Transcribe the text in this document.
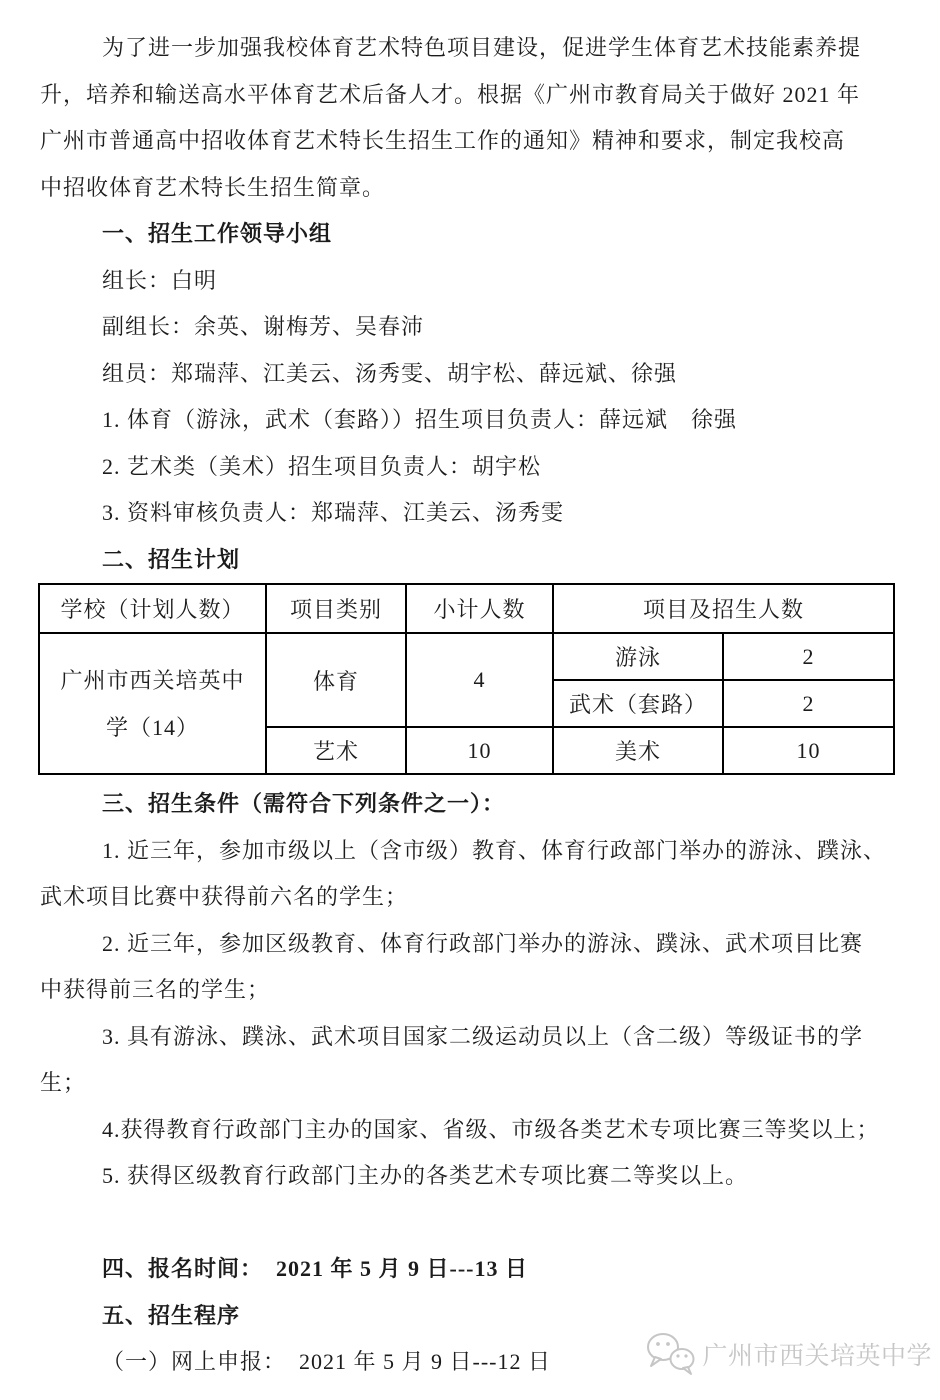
为了进一步加强我校体育艺术特色项目建设，促进学生体育艺术技能素养提
升，培养和输送高水平体育艺术后备人才。根据《广州市教育局关于做好 2021 年
广州市普通高中招收体育艺术特长生招生工作的通知》精神和要求，制定我校高
中招收体育艺术特长生招生简章。
一、招生工作领导小组
组长：白明
副组长：余英、谢梅芳、吴春沛
组员：郑瑞萍、江美云、汤秀雯、胡宇松、薛远斌、徐强
1. 体育（游泳，武术（套路））招生项目负责人：薛远斌　徐强
2. 艺术类（美术）招生项目负责人：胡宇松
3. 资料审核负责人：郑瑞萍、江美云、汤秀雯
二、招生计划
学校（计划人数）	项目类别	小计人数	项目及招生人数	
广州市西关培英中学（14）	体育	4	游泳	2
			武术（套路）	2
	艺术	10	美术	10
三、招生条件（需符合下列条件之一）：
1. 近三年，参加市级以上（含市级）教育、体育行政部门举办的游泳、蹼泳、
武术项目比赛中获得前六名的学生；
2. 近三年，参加区级教育、体育行政部门举办的游泳、蹼泳、武术项目比赛
中获得前三名的学生；
3. 具有游泳、蹼泳、武术项目国家二级运动员以上（含二级）等级证书的学
生；
4.获得教育行政部门主办的国家、省级、市级各类艺术专项比赛三等奖以上；
5. 获得区级教育行政部门主办的各类艺术专项比赛二等奖以上。
四、报名时间：  2021 年 5 月 9 日---13 日
五、招生程序
（一）网上申报：  2021 年 5 月 9 日---12 日	广州市西关培英中学
